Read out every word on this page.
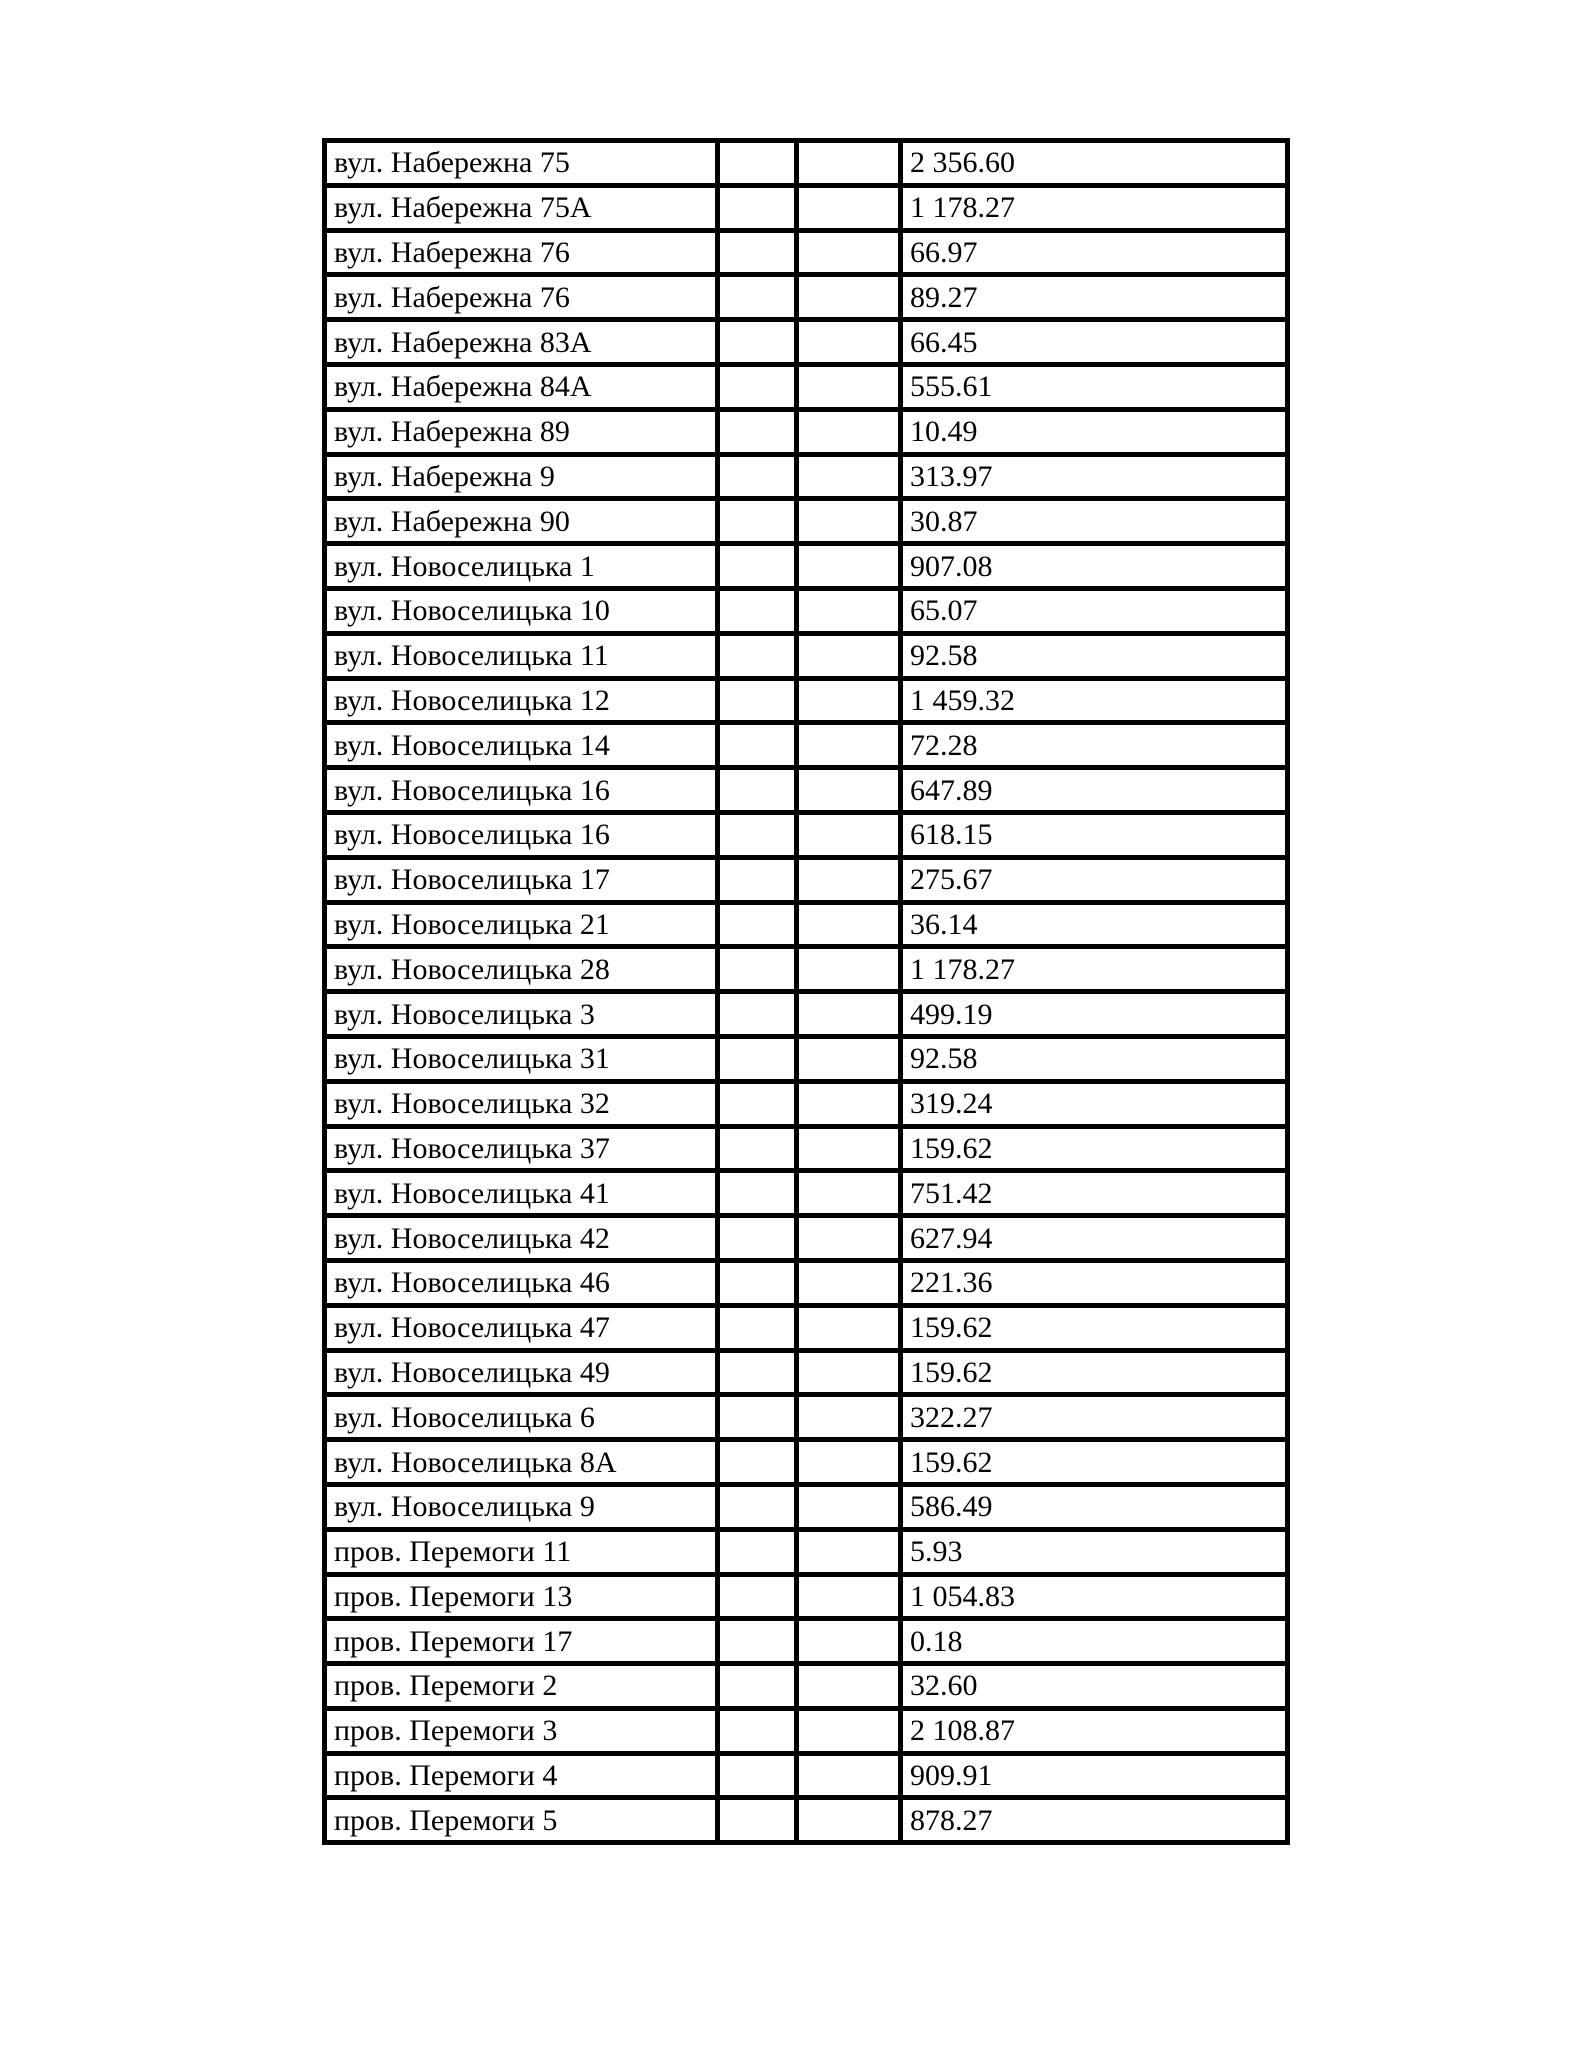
вул. Набережна 75			2 356.60
вул. Набережна 75А			1 178.27
вул. Набережна 76			66.97
вул. Набережна 76			89.27
вул. Набережна 83А			66.45
вул. Набережна 84А			555.61
вул. Набережна 89			10.49
вул. Набережна 9			313.97
вул. Набережна 90			30.87
вул. Новоселицька 1			907.08
вул. Новоселицька 10			65.07
вул. Новоселицька 11			92.58
вул. Новоселицька 12			1 459.32
вул. Новоселицька 14			72.28
вул. Новоселицька 16			647.89
вул. Новоселицька 16			618.15
вул. Новоселицька 17			275.67
вул. Новоселицька 21			36.14
вул. Новоселицька 28			1 178.27
вул. Новоселицька 3			499.19
вул. Новоселицька 31			92.58
вул. Новоселицька 32			319.24
вул. Новоселицька 37			159.62
вул. Новоселицька 41			751.42
вул. Новоселицька 42			627.94
вул. Новоселицька 46			221.36
вул. Новоселицька 47			159.62
вул. Новоселицька 49			159.62
вул. Новоселицька 6			322.27
вул. Новоселицька 8А			159.62
вул. Новоселицька 9			586.49
пров. Перемоги 11			5.93
пров. Перемоги 13			1 054.83
пров. Перемоги 17			0.18
пров. Перемоги 2			32.60
пров. Перемоги 3			2 108.87
пров. Перемоги 4			909.91
пров. Перемоги 5			878.27
